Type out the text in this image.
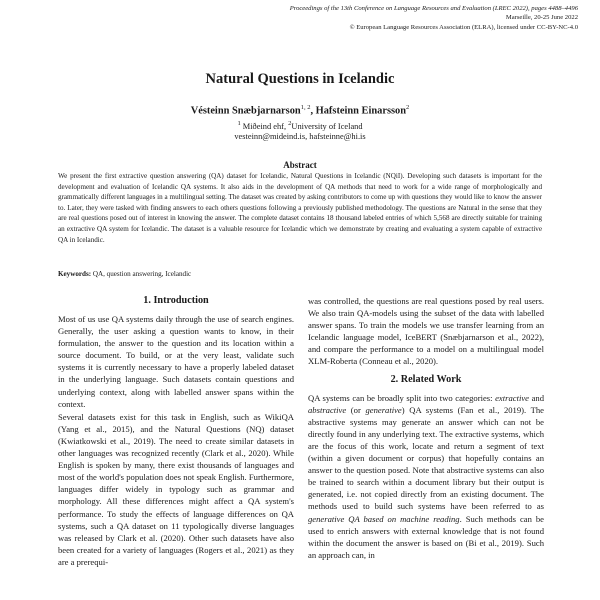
Proceedings of the 13th Conference on Language Resources and Evaluation (LREC 2022), pages 4488–4496
Marseille, 20-25 June 2022
© European Language Resources Association (ELRA), licensed under CC-BY-NC-4.0
Natural Questions in Icelandic
Vésteinn Snæbjarnarson$^{1, 2}$, Hafsteinn Einarsson$^2$
$^1$ Miðeind ehf, $^2$University of Iceland
vesteinn@mideind.is, hafsteinne@hi.is
Abstract
We present the first extractive question answering (QA) dataset for Icelandic, Natural Questions in Icelandic (NQiI). Developing such datasets is important for the development and evaluation of Icelandic QA systems. It also aids in the development of QA methods that need to work for a wide range of morphologically and grammatically different languages in a multilingual setting. The dataset was created by asking contributors to come up with questions they would like to know the answer to. Later, they were tasked with finding answers to each others questions following a previously published methodology. The questions are Natural in the sense that they are real questions posed out of interest in knowing the answer. The complete dataset contains 18 thousand labeled entries of which 5,568 are directly suitable for training an extractive QA system for Icelandic. The dataset is a valuable resource for Icelandic which we demonstrate by creating and evaluating a system capable of extractive QA in Icelandic.
Keywords: QA, question answering, Icelandic
1. Introduction

Most of us use QA systems daily through the use of search engines. Generally, the user asking a question wants to know, in their formulation, the answer to the question and its location within a source document. To build, or at the very least, validate such systems it is currently necessary to have a properly labeled dataset in the underlying language. Such datasets contain questions and underlying context, along with labelled answer spans within the context.

Several datasets exist for this task in English, such as WikiQA (Yang et al., 2015), and the Natural Questions (NQ) dataset (Kwiatkowski et al., 2019). The need to create similar datasets in other languages was recognized recently (Clark et al., 2020). While English is spoken by many, there exist thousands of languages and most of the world's population does not speak English. Furthermore, languages differ widely in typology such as grammar and morphology. All these differences might affect a QA system's performance. To study the effects of language differences on QA systems, such a QA dataset on 11 typologically diverse languages was released by Clark et al. (2020). Other such datasets have also been created for a variety of languages (Rogers et al., 2021) as they are a prerequi-

was controlled, the questions are real questions posed by real users. We also train QA-models using the subset of the data with labelled answer spans. To train the models we use transfer learning from an Icelandic language model, IceBERT (Snæbjarnarson et al., 2022), and compare the performance to a model on a multilingual model XLM-Roberta (Conneau et al., 2020).

2. Related Work

QA systems can be broadly split into two categories: extractive and abstractive (or generative) QA systems (Fan et al., 2019). The abstractive systems may generate an answer which can not be directly found in any underlying text. The extractive systems, which are the focus of this work, locate and return a segment of text (within a given document or corpus) that hopefully contains an answer to the question posed. Note that abstractive systems can also be trained to search within a document library but their output is generated, i.e. not copied directly from an existing document. The methods used to build such systems have been referred to as generative QA based on machine reading. Such methods can be used to enrich answers with external knowledge that is not found within the document the answer is based on (Bi et al., 2019). Such an approach can, in
